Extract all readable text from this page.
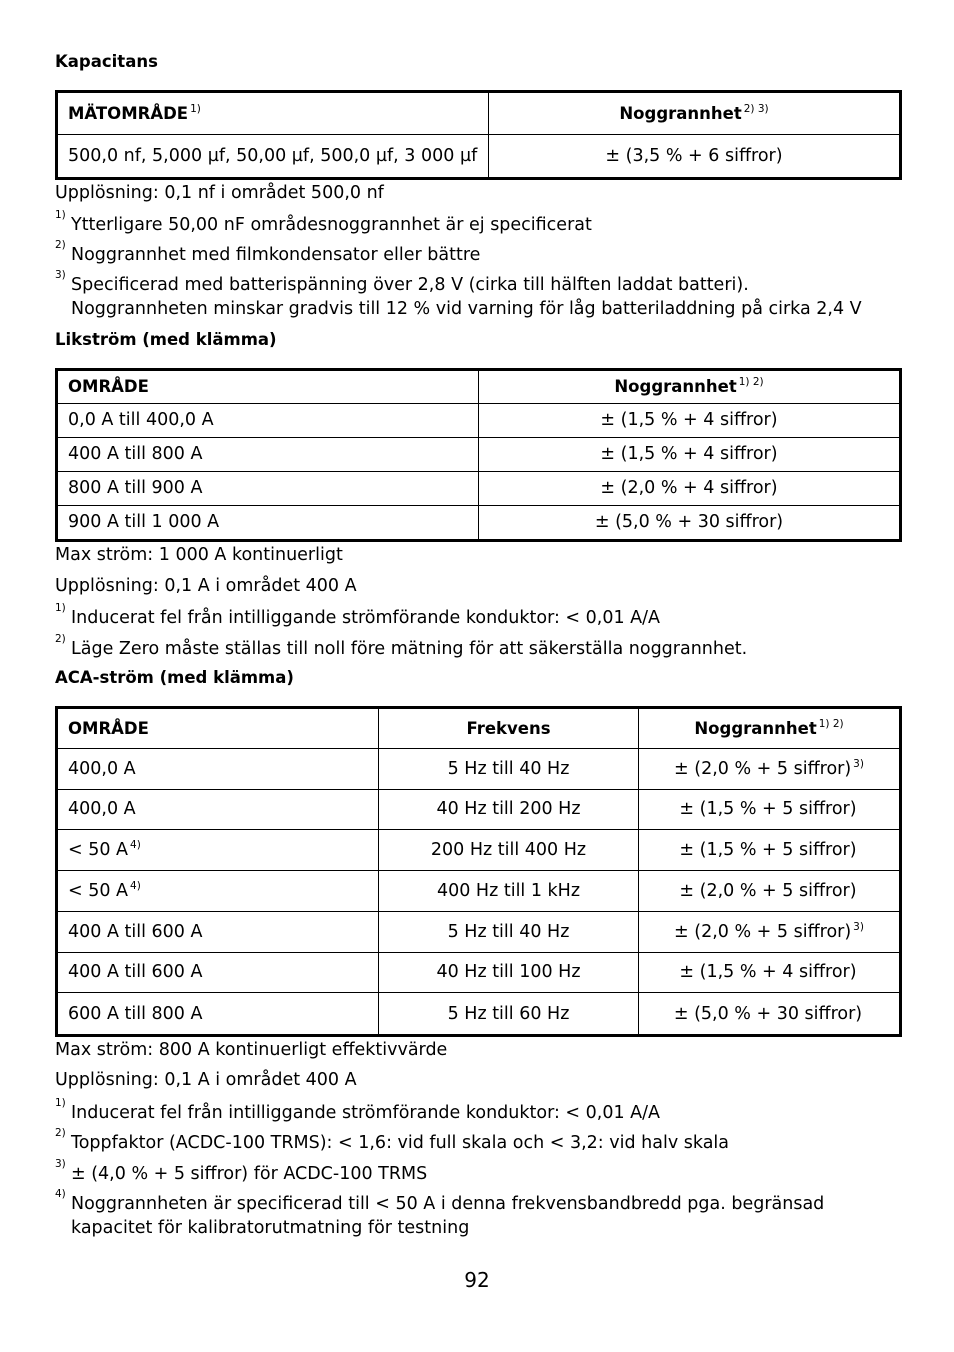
Kapacitans
MÄTOMRÅDE $^{1)}$	Noggrannhet $^{2) 3)}$
500,0 nf, 5,000 µf, 50,00 µf, 500,0 µf, 3 000 µf	± (3,5 % + 6 siffror)
Upplösning: 0,1 nf i området 500,0 nf
1) Ytterligare 50,00 nF områdesnoggrannhet är ej specificerat
2) Noggrannhet med filmkondensator eller bättre
3) Specificerad med batterispänning över 2,8 V (cirka till hälften laddat batteri).
Noggrannheten minskar gradvis till 12 % vid varning för låg batteriladdning på cirka 2,4 V
Likström (med klämma)
OMRÅDE	Noggrannhet $^{1) 2)}$
0,0 A till 400,0 A	± (1,5 % + 4 siffror)
400 A till 800 A	± (1,5 % + 4 siffror)
800 A till 900 A	± (2,0 % + 4 siffror)
900 A till 1 000 A	± (5,0 % + 30 siffror)
Max ström: 1 000 A kontinuerligt
Upplösning: 0,1 A i området 400 A
1) Inducerat fel från intilliggande strömförande konduktor: < 0,01 A/A
2) Läge Zero måste ställas till noll före mätning för att säkerställa noggrannhet.
ACA-ström (med klämma)
OMRÅDE	Frekvens	Noggrannhet $^{1) 2)}$
400,0 A	5 Hz till 40 Hz	± (2,0 % + 5 siffror) $^{3)}$
400,0 A	40 Hz till 200 Hz	± (1,5 % + 5 siffror)
< 50 A $^{4)}$	200 Hz till 400 Hz	± (1,5 % + 5 siffror)
< 50 A $^{4)}$	400 Hz till 1 kHz	± (2,0 % + 5 siffror)
400 A till 600 A	5 Hz till 40 Hz	± (2,0 % + 5 siffror) $^{3)}$
400 A till 600 A	40 Hz till 100 Hz	± (1,5 % + 4 siffror)
600 A till 800 A	5 Hz till 60 Hz	± (5,0 % + 30 siffror)
Max ström: 800 A kontinuerligt effektivvärde
Upplösning: 0,1 A i området 400 A
1) Inducerat fel från intilliggande strömförande konduktor: < 0,01 A/A
2) Toppfaktor (ACDC-100 TRMS): < 1,6: vid full skala och < 3,2: vid halv skala
3) ± (4,0 % + 5 siffror) för ACDC-100 TRMS
4) Noggrannheten är specificerad till < 50 A i denna frekvensbandbredd pga. begränsad
kapacitet för kalibratorutmatning för testning
92
